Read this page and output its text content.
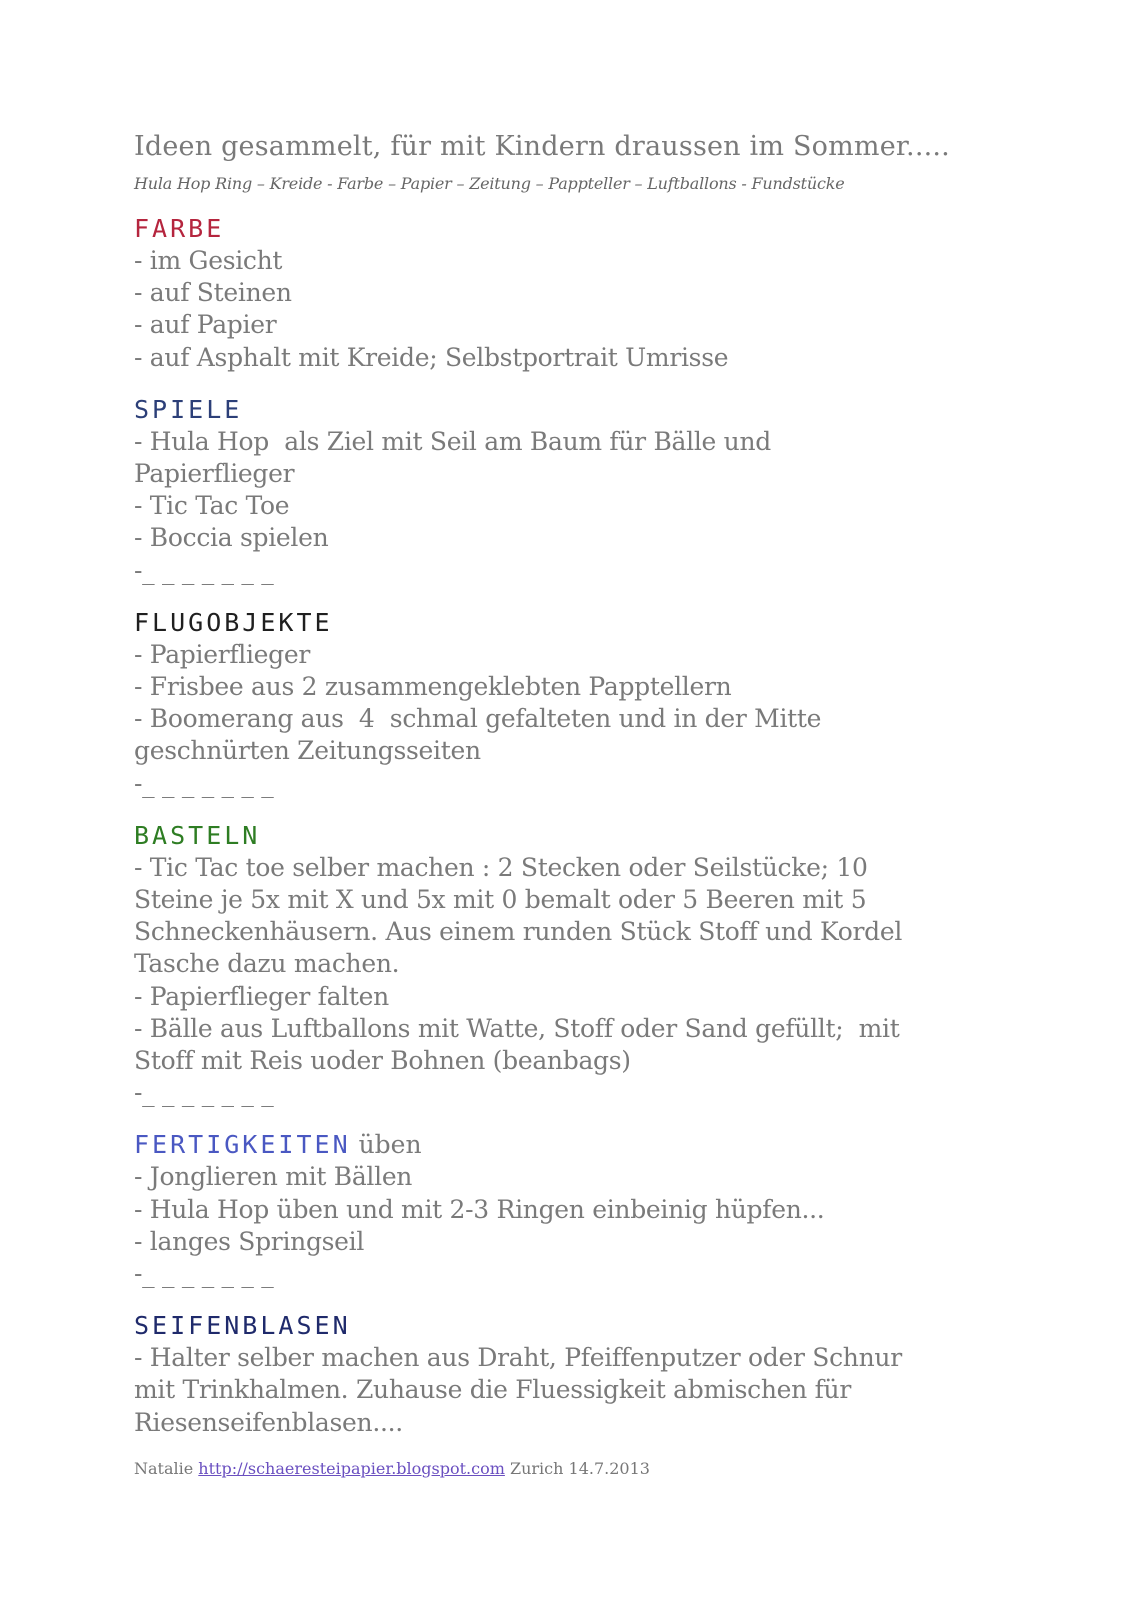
Ideen gesammelt, für mit Kindern draussen im Sommer.....

Hula Hop Ring – Kreide - Farbe – Papier – Zeitung – Pappteller – Luftballons - Fundstücke
FARBE
- im Gesicht
- auf Steinen
- auf Papier
- auf Asphalt mit Kreide; Selbstportrait Umrisse
SPIELE
- Hula Hop  als Ziel mit Seil am Baum für Bälle und
Papierflieger
- Tic Tac Toe
- Boccia spielen
-_ _ _ _ _ _ _
FLUGOBJEKTE
- Papierflieger
- Frisbee aus 2 zusammengeklebten Papptellern
- Boomerang aus  4  schmal gefalteten und in der Mitte
geschnürten Zeitungsseiten
-_ _ _ _ _ _ _
BASTELN
- Tic Tac toe selber machen : 2 Stecken oder Seilstücke; 10
Steine je 5x mit X und 5x mit 0 bemalt oder 5 Beeren mit 5
Schneckenhäusern. Aus einem runden Stück Stoff und Kordel
Tasche dazu machen.
- Papierflieger falten
- Bälle aus Luftballons mit Watte, Stoff oder Sand gefüllt;  mit
Stoff mit Reis uoder Bohnen (beanbags)
-_ _ _ _ _ _ _
FERTIGKEITEN üben
- Jonglieren mit Bällen
- Hula Hop üben und mit 2-3 Ringen einbeinig hüpfen...
- langes Springseil
-_ _ _ _ _ _ _
SEIFENBLASEN
- Halter selber machen aus Draht, Pfeiffenputzer oder Schnur
mit Trinkhalmen. Zuhause die Fluessigkeit abmischen für
Riesenseifenblasen....
Natalie http://schaeresteipapier.blogspot.com Zurich 14.7.2013
